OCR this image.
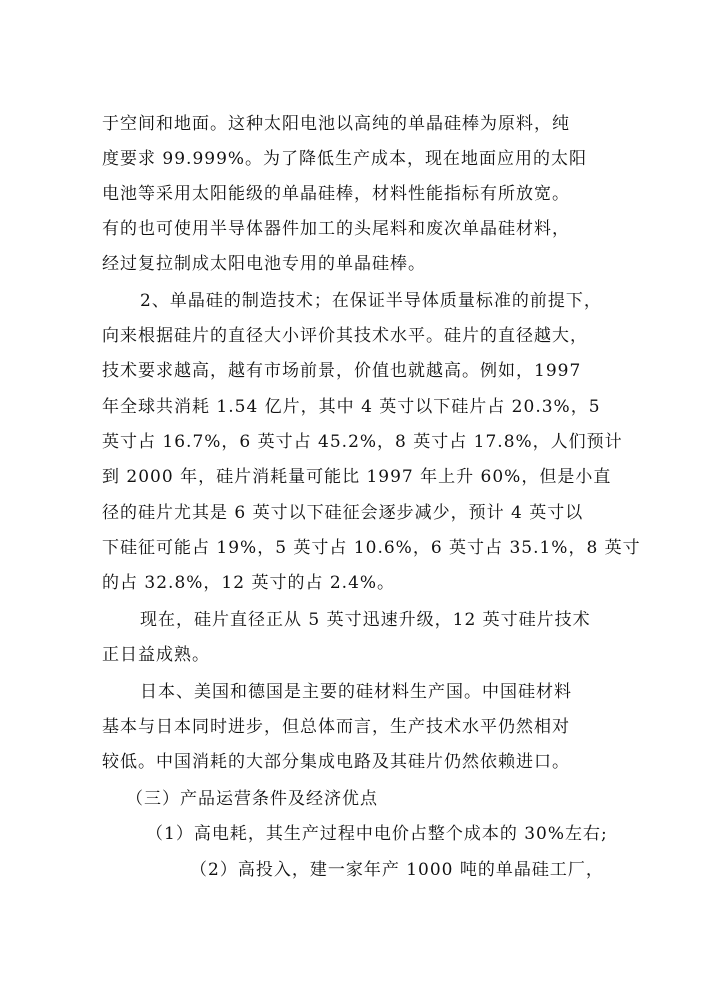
于空间和地面。这种太阳电池以高纯的单晶硅棒为原料，纯
度要求 99.999%。为了降低生产成本，现在地面应用的太阳
电池等采用太阳能级的单晶硅棒，材料性能指标有所放宽。
有的也可使用半导体器件加工的头尾料和废次单晶硅材料，
经过复拉制成太阳电池专用的单晶硅棒。
2、单晶硅的制造技术；在保证半导体质量标准的前提下，
向来根据硅片的直径大小评价其技术水平。硅片的直径越大，
技术要求越高，越有市场前景，价值也就越高。例如，1997
年全球共消耗 1.54 亿片，其中 4 英寸以下硅片占 20.3%，5
英寸占 16.7%，6 英寸占 45.2%，8 英寸占 17.8%，人们预计
到 2000 年，硅片消耗量可能比 1997 年上升 60%，但是小直
径的硅片尤其是 6 英寸以下硅征会逐步减少，预计 4 英寸以
下硅征可能占 19%，5 英寸占 10.6%，6 英寸占 35.1%，8 英寸
的占 32.8%，12 英寸的占 2.4%。
现在，硅片直径正从 5 英寸迅速升级，12 英寸硅片技术
正日益成熟。
日本、美国和德国是主要的硅材料生产国。中国硅材料
基本与日本同时进步，但总体而言，生产技术水平仍然相对
较低。中国消耗的大部分集成电路及其硅片仍然依赖进口。
（三）产品运营条件及经济优点
（1）高电耗，其生产过程中电价占整个成本的 30%左右;
（2）高投入，建一家年产 1000 吨的单晶硅工厂，
